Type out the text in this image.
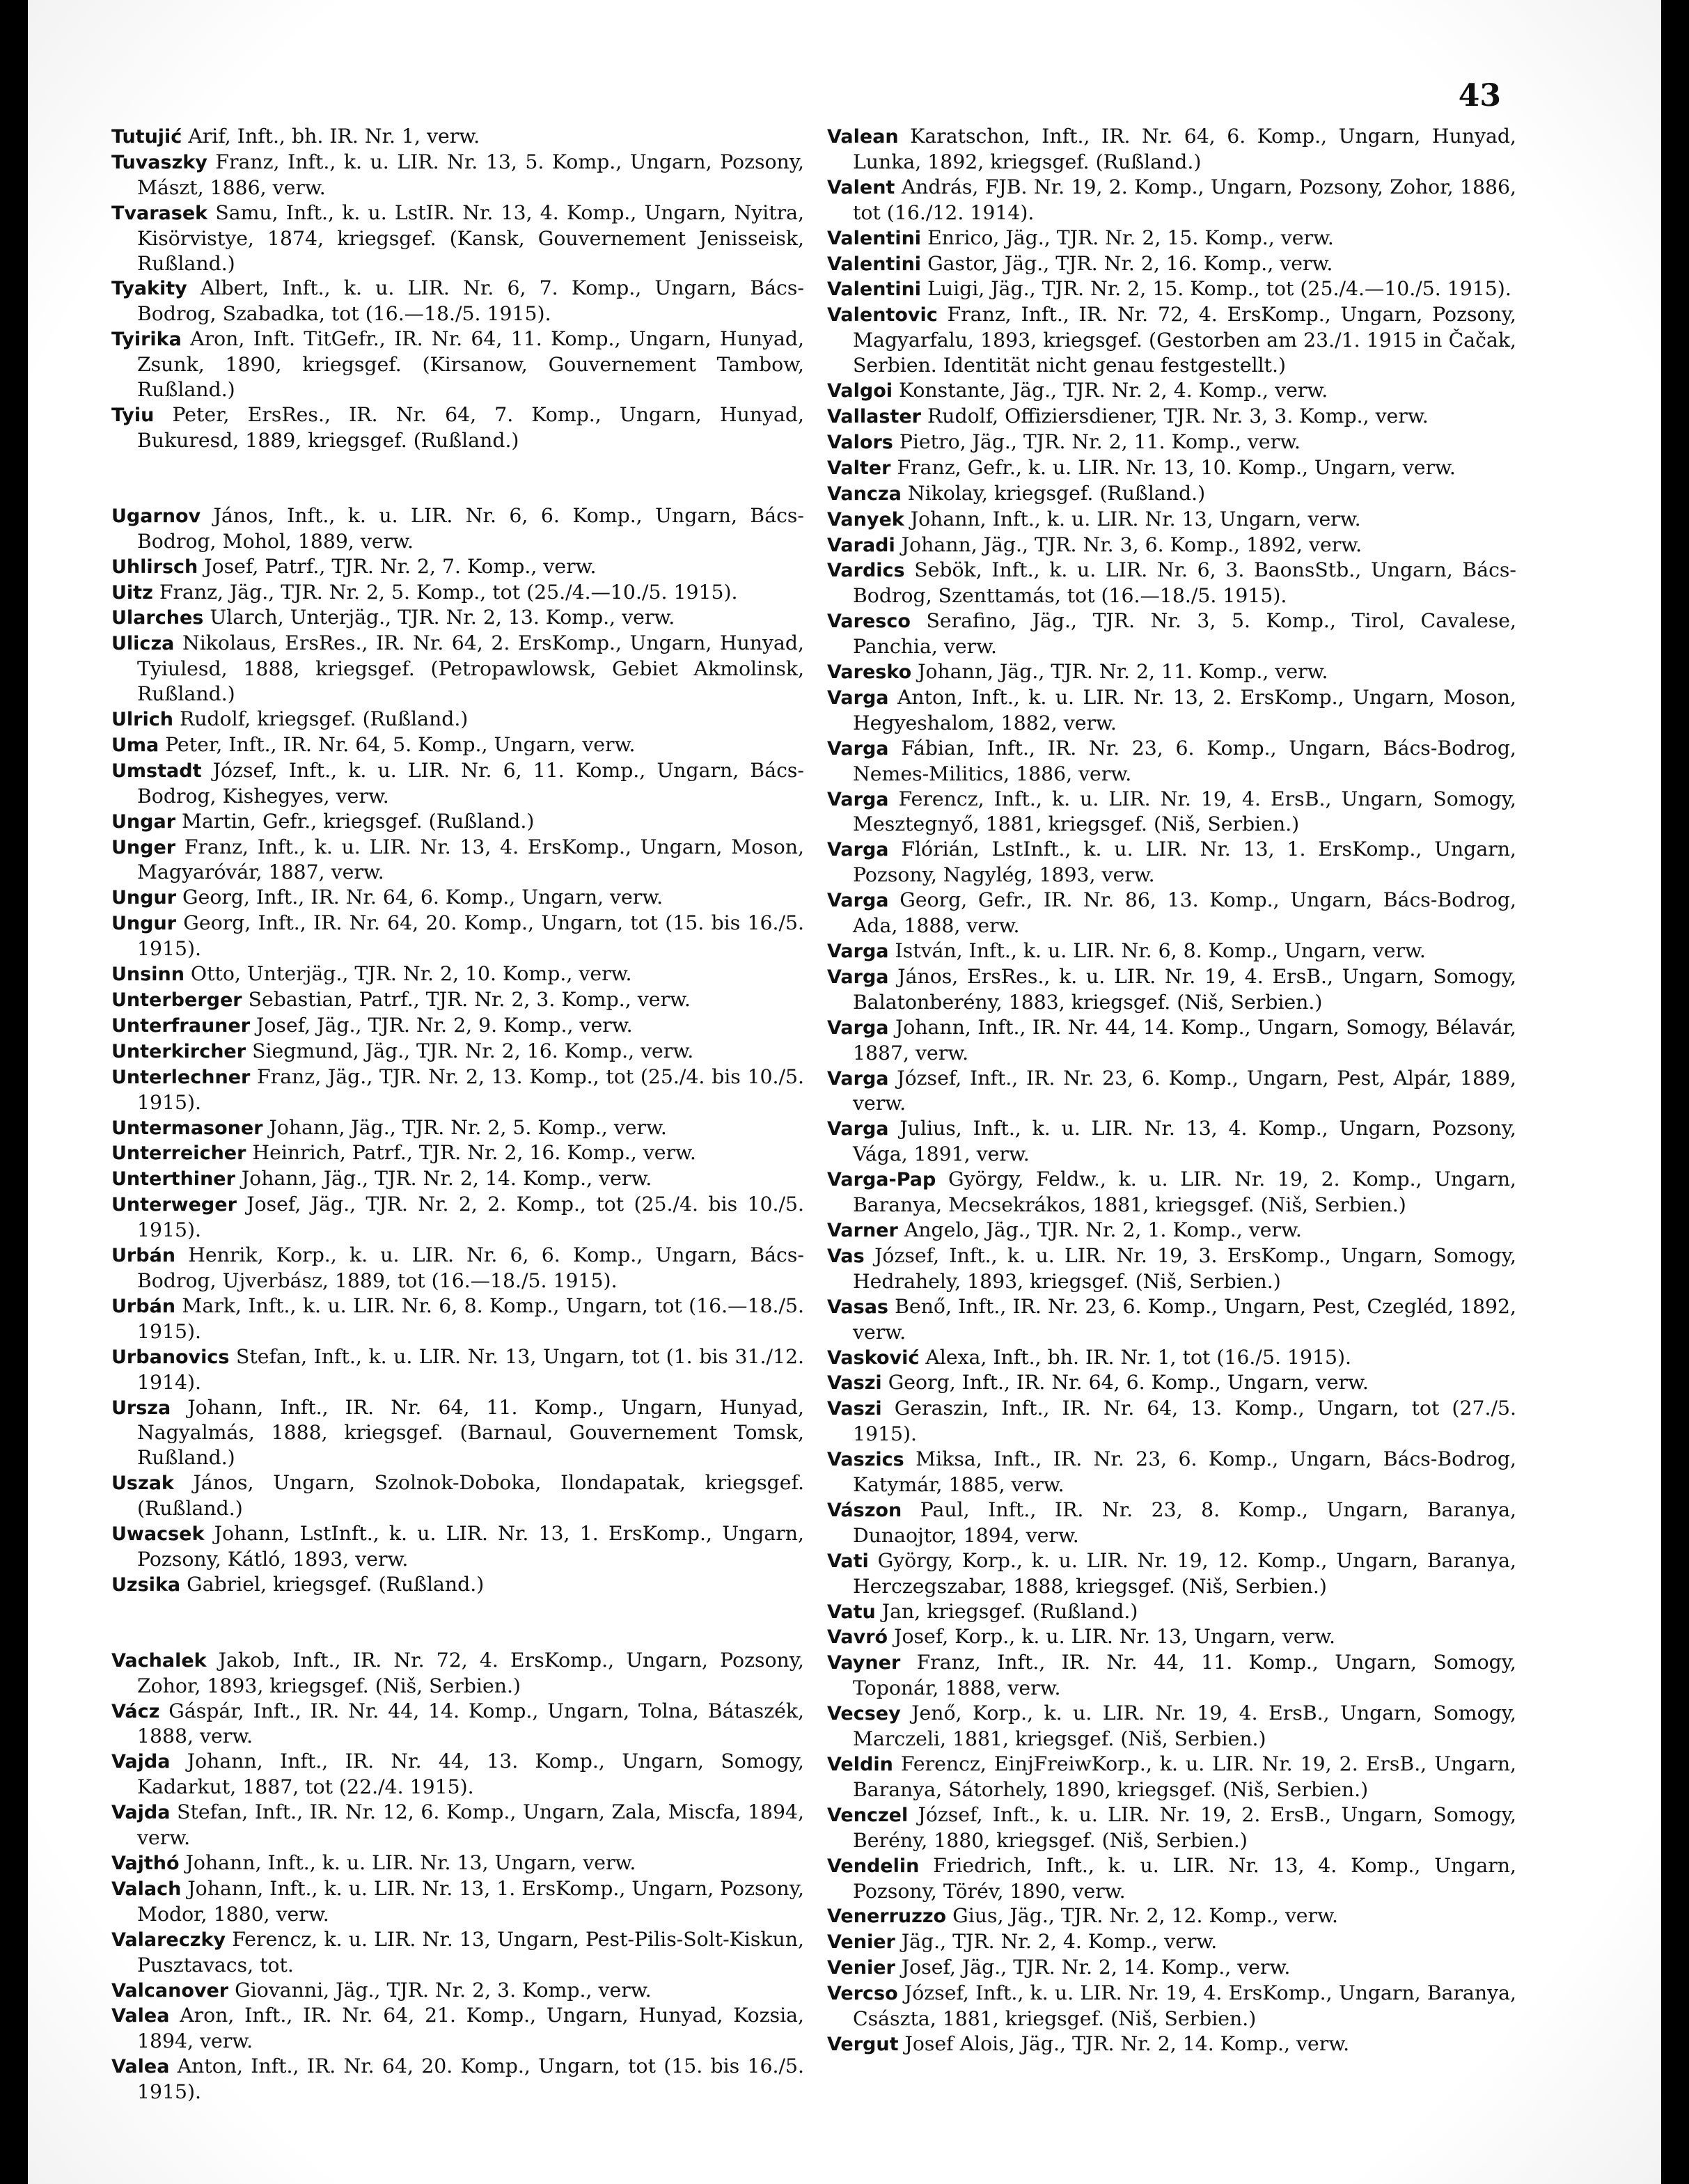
43

Tutujić Arif, Inft., bh. IR. Nr. 1, verw.

Tuvaszky Franz, Inft., k. u. LIR. Nr. 13, 5. Komp., Ungarn, Pozsony, Mászt, 1886, verw.

Tvarasek Samu, Inft., k. u. LstIR. Nr. 13, 4. Komp., Ungarn, Nyitra, Kisörvistye, 1874, kriegsgef. (Kansk, Gouvernement Jenisseisk, Rußland.)

Tyakity Albert, Inft., k. u. LIR. Nr. 6, 7. Komp., Ungarn, Bács-Bodrog, Szabadka, tot (16.—18./5. 1915).

Tyirika Aron, Inft. TitGefr., IR. Nr. 64, 11. Komp., Ungarn, Hunyad, Zsunk, 1890, kriegsgef. (Kirsanow, Gouvernement Tambow, Rußland.)

Tyiu Peter, ErsRes., IR. Nr. 64, 7. Komp., Ungarn, Hunyad, Bukuresd, 1889, kriegsgef. (Rußland.)

Ugarnov János, Inft., k. u. LIR. Nr. 6, 6. Komp., Ungarn, Bács-Bodrog, Mohol, 1889, verw.

Uhlirsch Josef, Patrf., TJR. Nr. 2, 7. Komp., verw.

Uitz Franz, Jäg., TJR. Nr. 2, 5. Komp., tot (25./4.—10./5. 1915).

Ularches Ularch, Unterjäg., TJR. Nr. 2, 13. Komp., verw.

Ulicza Nikolaus, ErsRes., IR. Nr. 64, 2. ErsKomp., Ungarn, Hunyad, Tyiulesd, 1888, kriegsgef. (Petropawlowsk, Gebiet Akmolinsk, Rußland.)

Ulrich Rudolf, kriegsgef. (Rußland.)

Uma Peter, Inft., IR. Nr. 64, 5. Komp., Ungarn, verw.

Umstadt József, Inft., k. u. LIR. Nr. 6, 11. Komp., Ungarn, Bács-Bodrog, Kishegyes, verw.

Ungar Martin, Gefr., kriegsgef. (Rußland.)

Unger Franz, Inft., k. u. LIR. Nr. 13, 4. ErsKomp., Ungarn, Moson, Magyaróvár, 1887, verw.

Ungur Georg, Inft., IR. Nr. 64, 6. Komp., Ungarn, verw.

Ungur Georg, Inft., IR. Nr. 64, 20. Komp., Ungarn, tot (15. bis 16./5. 1915).

Unsinn Otto, Unterjäg., TJR. Nr. 2, 10. Komp., verw.

Unterberger Sebastian, Patrf., TJR. Nr. 2, 3. Komp., verw.

Unterfrauner Josef, Jäg., TJR. Nr. 2, 9. Komp., verw.

Unterkircher Siegmund, Jäg., TJR. Nr. 2, 16. Komp., verw.

Unterlechner Franz, Jäg., TJR. Nr. 2, 13. Komp., tot (25./4. bis 10./5. 1915).

Untermasoner Johann, Jäg., TJR. Nr. 2, 5. Komp., verw.

Unterreicher Heinrich, Patrf., TJR. Nr. 2, 16. Komp., verw.

Unterthiner Johann, Jäg., TJR. Nr. 2, 14. Komp., verw.

Unterweger Josef, Jäg., TJR. Nr. 2, 2. Komp., tot (25./4. bis 10./5. 1915).

Urbán Henrik, Korp., k. u. LIR. Nr. 6, 6. Komp., Ungarn, Bács-Bodrog, Ujverbász, 1889, tot (16.—18./5. 1915).

Urbán Mark, Inft., k. u. LIR. Nr. 6, 8. Komp., Ungarn, tot (16.—18./5. 1915).

Urbanovics Stefan, Inft., k. u. LIR. Nr. 13, Ungarn, tot (1. bis 31./12. 1914).

Ursza Johann, Inft., IR. Nr. 64, 11. Komp., Ungarn, Hunyad, Nagyalmás, 1888, kriegsgef. (Barnaul, Gouvernement Tomsk, Rußland.)

Uszak János, Ungarn, Szolnok-Doboka, Ilondapatak, kriegsgef. (Rußland.)

Uwacsek Johann, LstInft., k. u. LIR. Nr. 13, 1. ErsKomp., Ungarn, Pozsony, Kátló, 1893, verw.

Uzsika Gabriel, kriegsgef. (Rußland.)

Vachalek Jakob, Inft., IR. Nr. 72, 4. ErsKomp., Ungarn, Pozsony, Zohor, 1893, kriegsgef. (Niš, Serbien.)

Vácz Gáspár, Inft., IR. Nr. 44, 14. Komp., Ungarn, Tolna, Bátaszék, 1888, verw.

Vajda Johann, Inft., IR. Nr. 44, 13. Komp., Ungarn, Somogy, Kadarkut, 1887, tot (22./4. 1915).

Vajda Stefan, Inft., IR. Nr. 12, 6. Komp., Ungarn, Zala, Miscfa, 1894, verw.

Vajthó Johann, Inft., k. u. LIR. Nr. 13, Ungarn, verw.

Valach Johann, Inft., k. u. LIR. Nr. 13, 1. ErsKomp., Ungarn, Pozsony, Modor, 1880, verw.

Valareczky Ferencz, k. u. LIR. Nr. 13, Ungarn, Pest-Pilis-Solt-Kiskun, Pusztavacs, tot.

Valcanover Giovanni, Jäg., TJR. Nr. 2, 3. Komp., verw.

Valea Aron, Inft., IR. Nr. 64, 21. Komp., Ungarn, Hunyad, Kozsia, 1894, verw.

Valea Anton, Inft., IR. Nr. 64, 20. Komp., Ungarn, tot (15. bis 16./5. 1915).

Valean Karatschon, Inft., IR. Nr. 64, 6. Komp., Ungarn, Hunyad, Lunka, 1892, kriegsgef. (Rußland.)

Valent András, FJB. Nr. 19, 2. Komp., Ungarn, Pozsony, Zohor, 1886, tot (16./12. 1914).

Valentini Enrico, Jäg., TJR. Nr. 2, 15. Komp., verw.

Valentini Gastor, Jäg., TJR. Nr. 2, 16. Komp., verw.

Valentini Luigi, Jäg., TJR. Nr. 2, 15. Komp., tot (25./4.—10./5. 1915).

Valentovic Franz, Inft., IR. Nr. 72, 4. ErsKomp., Ungarn, Pozsony, Magyarfalu, 1893, kriegsgef. (Gestorben am 23./1. 1915 in Čačak, Serbien. Identität nicht genau festgestellt.)

Valgoi Konstante, Jäg., TJR. Nr. 2, 4. Komp., verw.

Vallaster Rudolf, Offiziersdiener, TJR. Nr. 3, 3. Komp., verw.

Valors Pietro, Jäg., TJR. Nr. 2, 11. Komp., verw.

Valter Franz, Gefr., k. u. LIR. Nr. 13, 10. Komp., Ungarn, verw.

Vancza Nikolay, kriegsgef. (Rußland.)

Vanyek Johann, Inft., k. u. LIR. Nr. 13, Ungarn, verw.

Varadi Johann, Jäg., TJR. Nr. 3, 6. Komp., 1892, verw.

Vardics Sebök, Inft., k. u. LIR. Nr. 6, 3. BaonsStb., Ungarn, Bács-Bodrog, Szenttamás, tot (16.—18./5. 1915).

Varesco Serafino, Jäg., TJR. Nr. 3, 5. Komp., Tirol, Cavalese, Panchia, verw.

Varesko Johann, Jäg., TJR. Nr. 2, 11. Komp., verw.

Varga Anton, Inft., k. u. LIR. Nr. 13, 2. ErsKomp., Ungarn, Moson, Hegyeshalom, 1882, verw.

Varga Fábian, Inft., IR. Nr. 23, 6. Komp., Ungarn, Bács-Bodrog, Nemes-Militics, 1886, verw.

Varga Ferencz, Inft., k. u. LIR. Nr. 19, 4. ErsB., Ungarn, Somogy, Mesztegnyő, 1881, kriegsgef. (Niš, Serbien.)

Varga Flórián, LstInft., k. u. LIR. Nr. 13, 1. ErsKomp., Ungarn, Pozsony, Nagylég, 1893, verw.

Varga Georg, Gefr., IR. Nr. 86, 13. Komp., Ungarn, Bács-Bodrog, Ada, 1888, verw.

Varga István, Inft., k. u. LIR. Nr. 6, 8. Komp., Ungarn, verw.

Varga János, ErsRes., k. u. LIR. Nr. 19, 4. ErsB., Ungarn, Somogy, Balatonberény, 1883, kriegsgef. (Niš, Serbien.)

Varga Johann, Inft., IR. Nr. 44, 14. Komp., Ungarn, Somogy, Bélavár, 1887, verw.

Varga József, Inft., IR. Nr. 23, 6. Komp., Ungarn, Pest, Alpár, 1889, verw.

Varga Julius, Inft., k. u. LIR. Nr. 13, 4. Komp., Ungarn, Pozsony, Vága, 1891, verw.

Varga-Pap György, Feldw., k. u. LIR. Nr. 19, 2. Komp., Ungarn, Baranya, Mecsekrákos, 1881, kriegsgef. (Niš, Serbien.)

Varner Angelo, Jäg., TJR. Nr. 2, 1. Komp., verw.

Vas József, Inft., k. u. LIR. Nr. 19, 3. ErsKomp., Ungarn, Somogy, Hedrahely, 1893, kriegsgef. (Niš, Serbien.)

Vasas Benő, Inft., IR. Nr. 23, 6. Komp., Ungarn, Pest, Czegléd, 1892, verw.

Vasković Alexa, Inft., bh. IR. Nr. 1, tot (16./5. 1915).

Vaszi Georg, Inft., IR. Nr. 64, 6. Komp., Ungarn, verw.

Vaszi Geraszin, Inft., IR. Nr. 64, 13. Komp., Ungarn, tot (27./5. 1915).

Vaszics Miksa, Inft., IR. Nr. 23, 6. Komp., Ungarn, Bács-Bodrog, Katymár, 1885, verw.

Vászon Paul, Inft., IR. Nr. 23, 8. Komp., Ungarn, Baranya, Dunaojtor, 1894, verw.

Vati György, Korp., k. u. LIR. Nr. 19, 12. Komp., Ungarn, Baranya, Herczegszabar, 1888, kriegsgef. (Niš, Serbien.)

Vatu Jan, kriegsgef. (Rußland.)

Vavró Josef, Korp., k. u. LIR. Nr. 13, Ungarn, verw.

Vayner Franz, Inft., IR. Nr. 44, 11. Komp., Ungarn, Somogy, Toponár, 1888, verw.

Vecsey Jenő, Korp., k. u. LIR. Nr. 19, 4. ErsB., Ungarn, Somogy, Marczeli, 1881, kriegsgef. (Niš, Serbien.)

Veldin Ferencz, EinjFreiwKorp., k. u. LIR. Nr. 19, 2. ErsB., Ungarn, Baranya, Sátorhely, 1890, kriegsgef. (Niš, Serbien.)

Venczel József, Inft., k. u. LIR. Nr. 19, 2. ErsB., Ungarn, Somogy, Berény, 1880, kriegsgef. (Niš, Serbien.)

Vendelin Friedrich, Inft., k. u. LIR. Nr. 13, 4. Komp., Ungarn, Pozsony, Törév, 1890, verw.

Venerruzzo Gius, Jäg., TJR. Nr. 2, 12. Komp., verw.

Venier Jäg., TJR. Nr. 2, 4. Komp., verw.

Venier Josef, Jäg., TJR. Nr. 2, 14. Komp., verw.

Vercso József, Inft., k. u. LIR. Nr. 19, 4. ErsKomp., Ungarn, Baranya, Császta, 1881, kriegsgef. (Niš, Serbien.)

Vergut Josef Alois, Jäg., TJR. Nr. 2, 14. Komp., verw.
